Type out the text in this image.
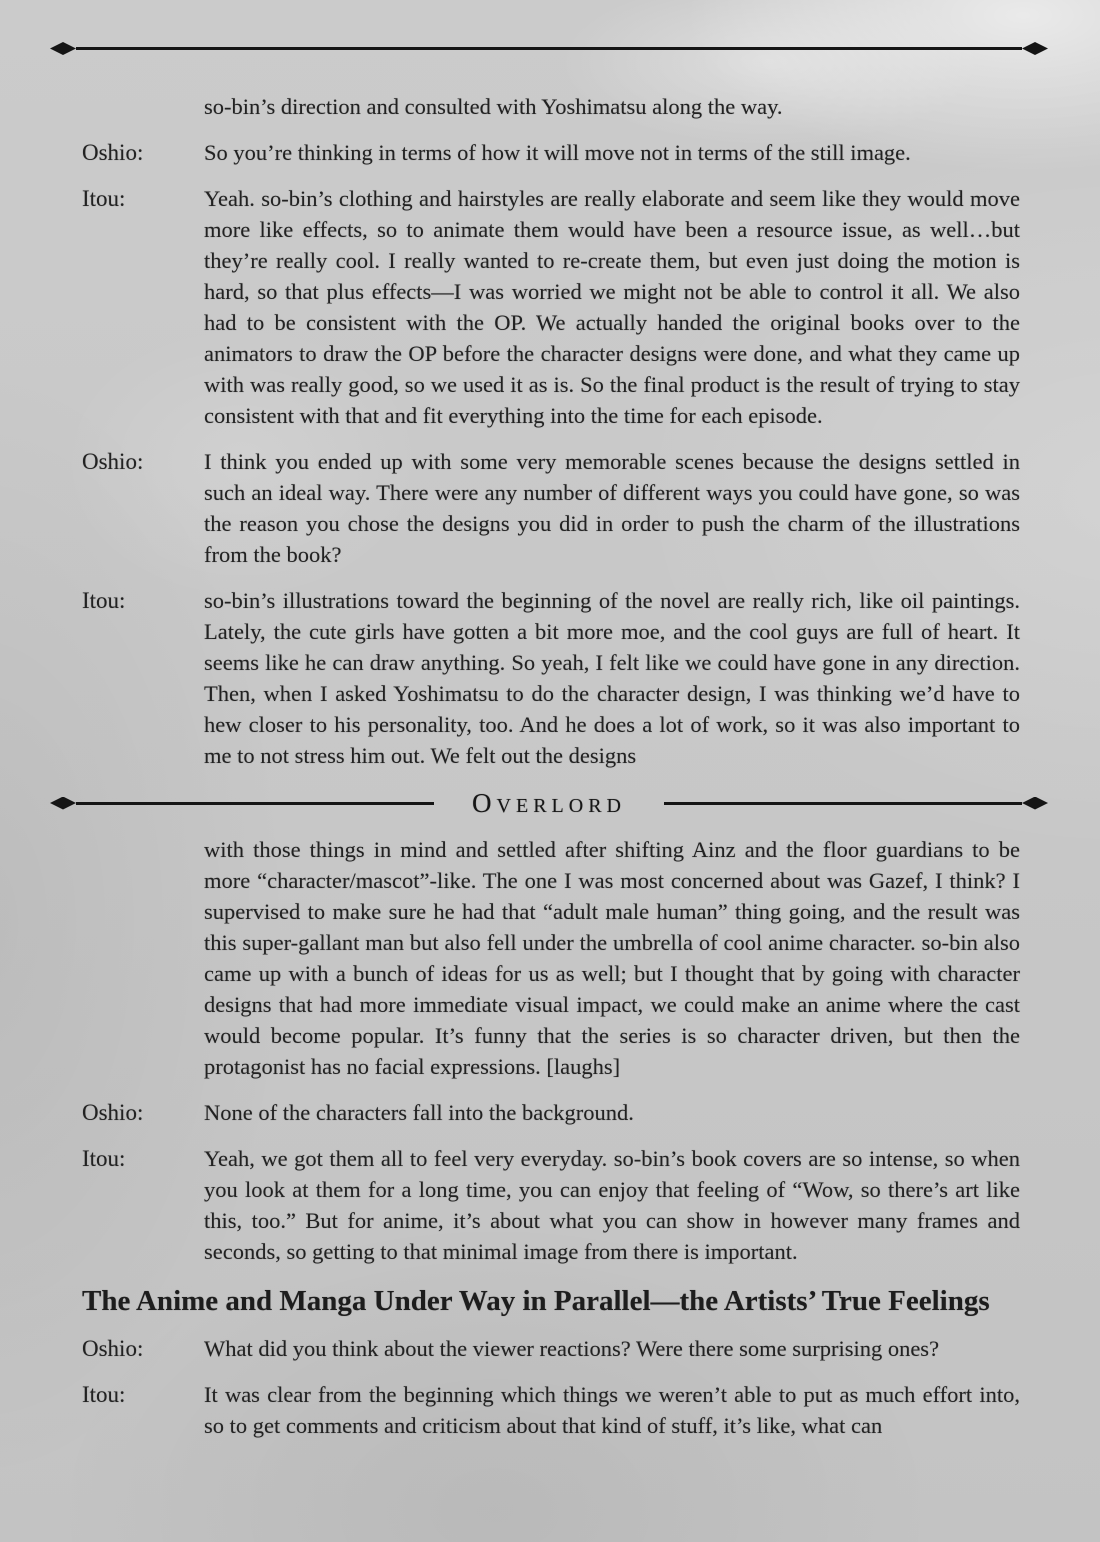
so-bin’s direction and consulted with Yoshimatsu along the way.

Oshio:	So you’re thinking in terms of how it will move not in terms of the still image.

Itou:	Yeah. so-bin’s clothing and hairstyles are really elaborate and seem like they would move more like effects, so to animate them would have been a resource issue, as well…but they’re really cool. I really wanted to re-create them, but even just doing the motion is hard, so that plus effects—I was worried we might not be able to control it all. We also had to be consistent with the OP. We actually handed the original books over to the animators to draw the OP before the character designs were done, and what they came up with was really good, so we used it as is. So the final product is the result of trying to stay consistent with that and fit everything into the time for each episode.

Oshio:	I think you ended up with some very memorable scenes because the designs settled in such an ideal way. There were any number of different ways you could have gone, so was the reason you chose the designs you did in order to push the charm of the illustrations from the book?

Itou:	so-bin’s illustrations toward the beginning of the novel are really rich, like oil paintings. Lately, the cute girls have gotten a bit more moe, and the cool guys are full of heart. It seems like he can draw anything. So yeah, I felt like we could have gone in any direction. Then, when I asked Yoshimatsu to do the character design, I was thinking we’d have to hew closer to his personality, too. And he does a lot of work, so it was also important to me to not stress him out. We felt out the designs

OVERLORD

with those things in mind and settled after shifting Ainz and the floor guardians to be more “character/mascot”-like. The one I was most concerned about was Gazef, I think? I supervised to make sure he had that “adult male human” thing going, and the result was this super-gallant man but also fell under the umbrella of cool anime character. so-bin also came up with a bunch of ideas for us as well; but I thought that by going with character designs that had more immediate visual impact, we could make an anime where the cast would become popular. It’s funny that the series is so character driven, but then the protagonist has no facial expressions. [laughs]

Oshio:	None of the characters fall into the background.

Itou:	Yeah, we got them all to feel very everyday. so-bin’s book covers are so intense, so when you look at them for a long time, you can enjoy that feeling of “Wow, so there’s art like this, too.” But for anime, it’s about what you can show in however many frames and seconds, so getting to that minimal image from there is important.

The Anime and Manga Under Way in Parallel—the Artists’ True Feelings
Oshio:	What did you think about the viewer reactions? Were there some surprising ones?

Itou:	It was clear from the beginning which things we weren’t able to put as much effort into, so to get comments and criticism about that kind of stuff, it’s like, what can
